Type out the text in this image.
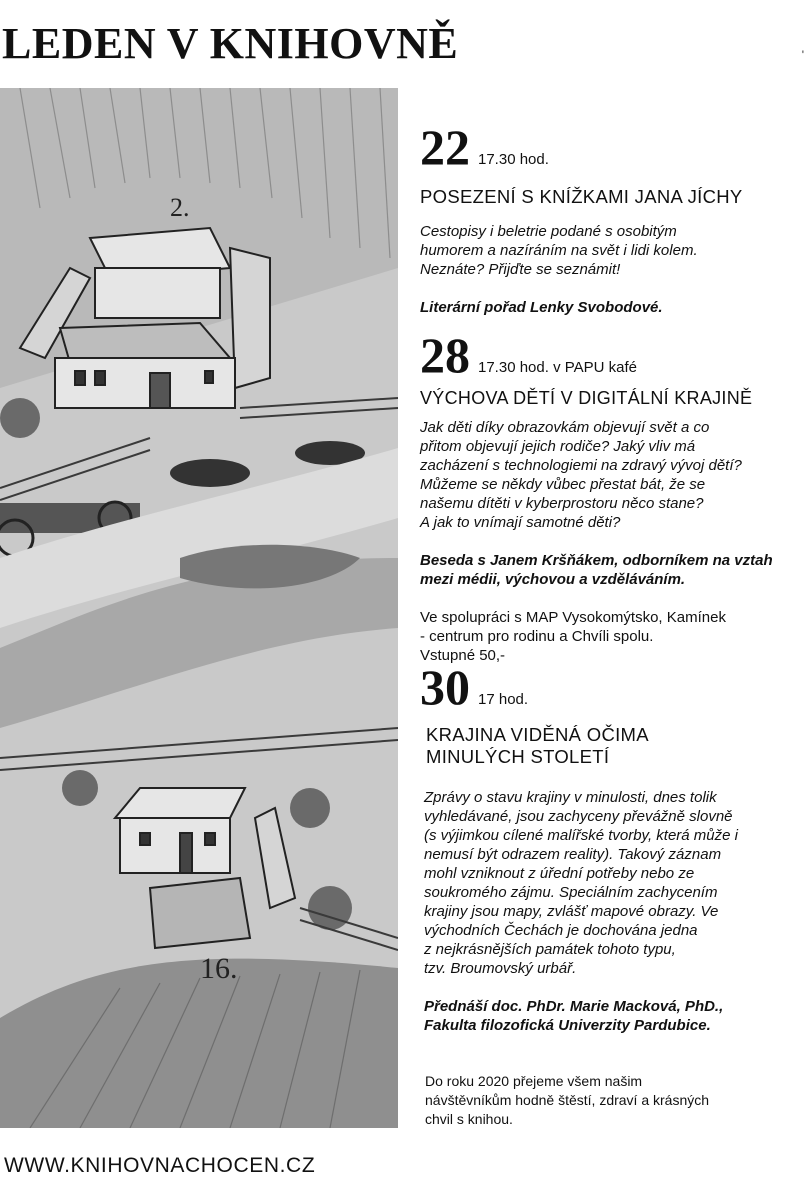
LEDEN V KNIHOVNĚ	'
2.
16.
22 17.30 hod.
POSEZENÍ S KNÍŽKAMI JANA JÍCHY

Cestopisy i beletrie podané s osobitým
humorem a nazíráním na svět i lidi kolem.
Neznáte? Přijďte se seznámit!

Literární pořad Lenky Svobodové.

28 17.30 hod. v PAPU kafé
VÝCHOVA DĚTÍ V DIGITÁLNÍ KRAJINĚ

Jak děti díky obrazovkám objevují svět a co
přitom objevují jejich rodiče? Jaký vliv má
zacházení s technologiemi na zdravý vývoj dětí?
Můžeme se někdy vůbec přestat bát, že se
našemu dítěti v kyberprostoru něco stane?
A jak to vnímají samotné děti?

Beseda s Janem Kršňákem, odborníkem na vztah
mezi médii, výchovou a vzděláváním.

Ve spolupráci s MAP Vysokomýtsko, Kamínek
- centrum pro rodinu a Chvíli spolu.
Vstupné 50,-

30 17 hod.
KRAJINA VIDĚNÁ OČIMA
MINULÝCH STOLETÍ

Zprávy o stavu krajiny v minulosti, dnes tolik
vyhledávané, jsou zachyceny převážně slovně
(s výjimkou cílené malířské tvorby, která může i
nemusí být odrazem reality). Takový záznam
mohl vzniknout z úřední potřeby nebo ze
soukromého zájmu. Speciálním zachycením
krajiny jsou mapy, zvlášť mapové obrazy. Ve
východních Čechách je dochována jedna
z nejkrásnějších památek tohoto typu,
tzv. Broumovský urbář.

Přednáší doc. PhDr. Marie Macková, PhD.,
Fakulta filozofická Univerzity Pardubice.

Do roku 2020 přejeme všem našim
návštěvníkům hodně štěstí, zdraví a krásných
chvil s knihou.

WWW.KNIHOVNACHOCEN.CZ
